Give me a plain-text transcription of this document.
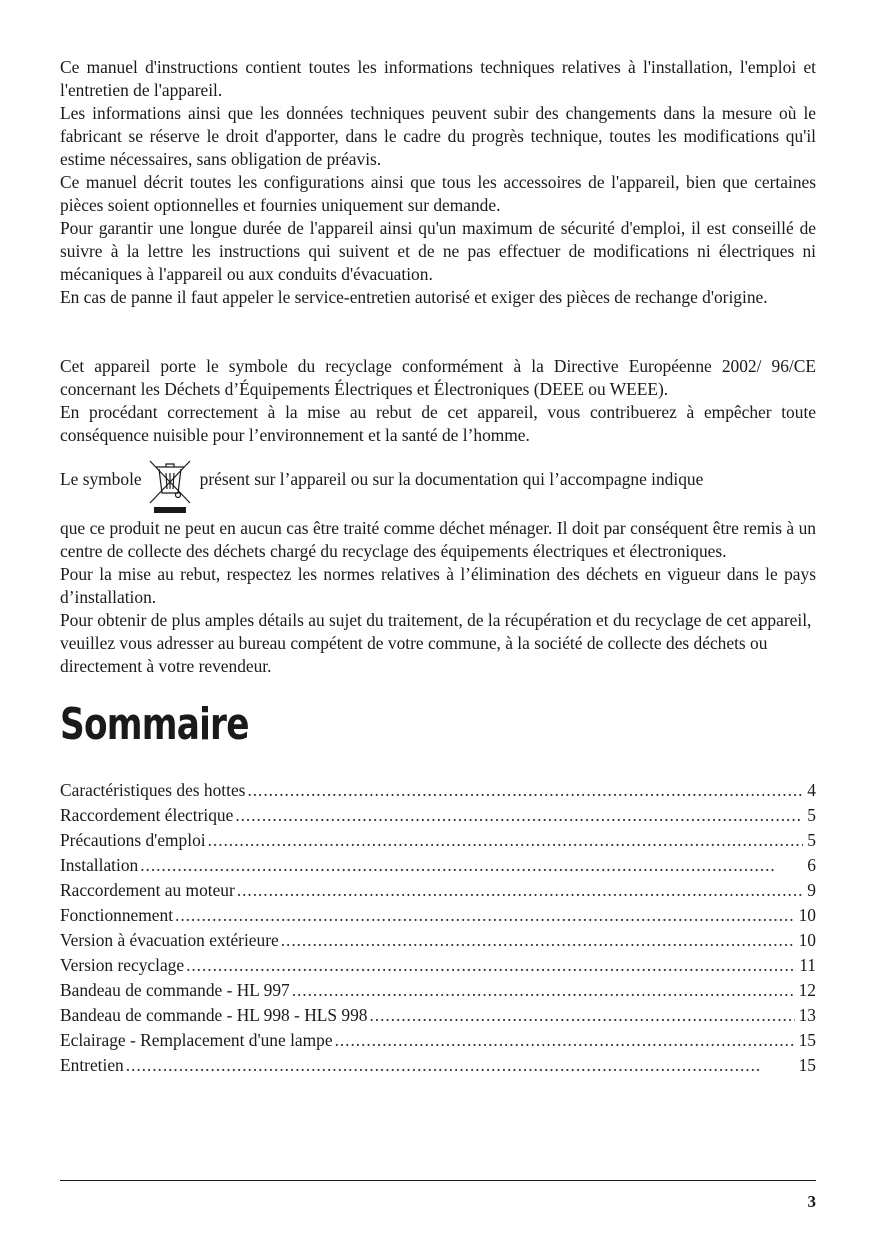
Ce manuel d'instructions contient toutes les informations techniques relatives à l'installation, l'emploi et l'entretien de l'appareil.

Les informations ainsi que les données techniques peuvent subir des changements dans la mesure où le fabricant se réserve le droit d'apporter, dans le cadre du progrès technique, toutes les modifications qu'il estime nécessaires, sans obligation de préavis.

Ce manuel décrit toutes les configurations ainsi que tous les accessoires de l'appareil, bien que certaines pièces soient optionnelles et fournies uniquement sur demande.

Pour garantir une longue durée de l'appareil ainsi qu'un maximum de sécurité d'emploi, il est conseillé de suivre à la lettre les instructions qui suivent et de ne pas effectuer de modifications ni électriques ni mécaniques à l'appareil ou aux conduits d'évacuation.

En cas de panne il faut appeler le service-entretien autorisé et exiger des pièces de rechange d'origine.

Cet appareil porte le symbole du recyclage conformément à la Directive Européenne 2002/ 96/CE concernant les Déchets d’Équipements Électriques et Électroniques (DEEE ou WEEE).

En procédant correctement à la mise au rebut de cet appareil, vous contribuerez à empêcher toute conséquence nuisible pour l’environnement et la santé de l’homme.

Le symbole	présent sur l’appareil ou sur la documentation qui l’accompagne indique

que ce produit ne peut en aucun cas être traité comme déchet ménager. Il doit par conséquent être remis à un centre de collecte des déchets chargé du recyclage des équipements électriques et électroniques.

Pour la mise au rebut, respectez les normes relatives à l’élimination des déchets en vigueur dans le pays d’installation.

Pour obtenir de plus amples détails au sujet du traitement, de la récupération et du recyclage de cet appareil, veuillez vous adresser au bureau compétent de votre commune, à la société de collecte des déchets ou directement à votre revendeur.

Sommaire
Caractéristiques des hottes . . .	4
Raccordement électrique . . .	5
Précautions d'emploi . . .	5
Installation . . .	6
Raccordement au moteur . . .	9
Fonctionnement . . .	10
Version à évacuation extérieure . . .	10
Version recyclage . . .	11
Bandeau de commande - HL 997 . . .	12
Bandeau de commande - HL 998 - HLS 998 . . .	13
Eclairage - Remplacement d'une lampe . . .	15
Entretien . . .	15
3
